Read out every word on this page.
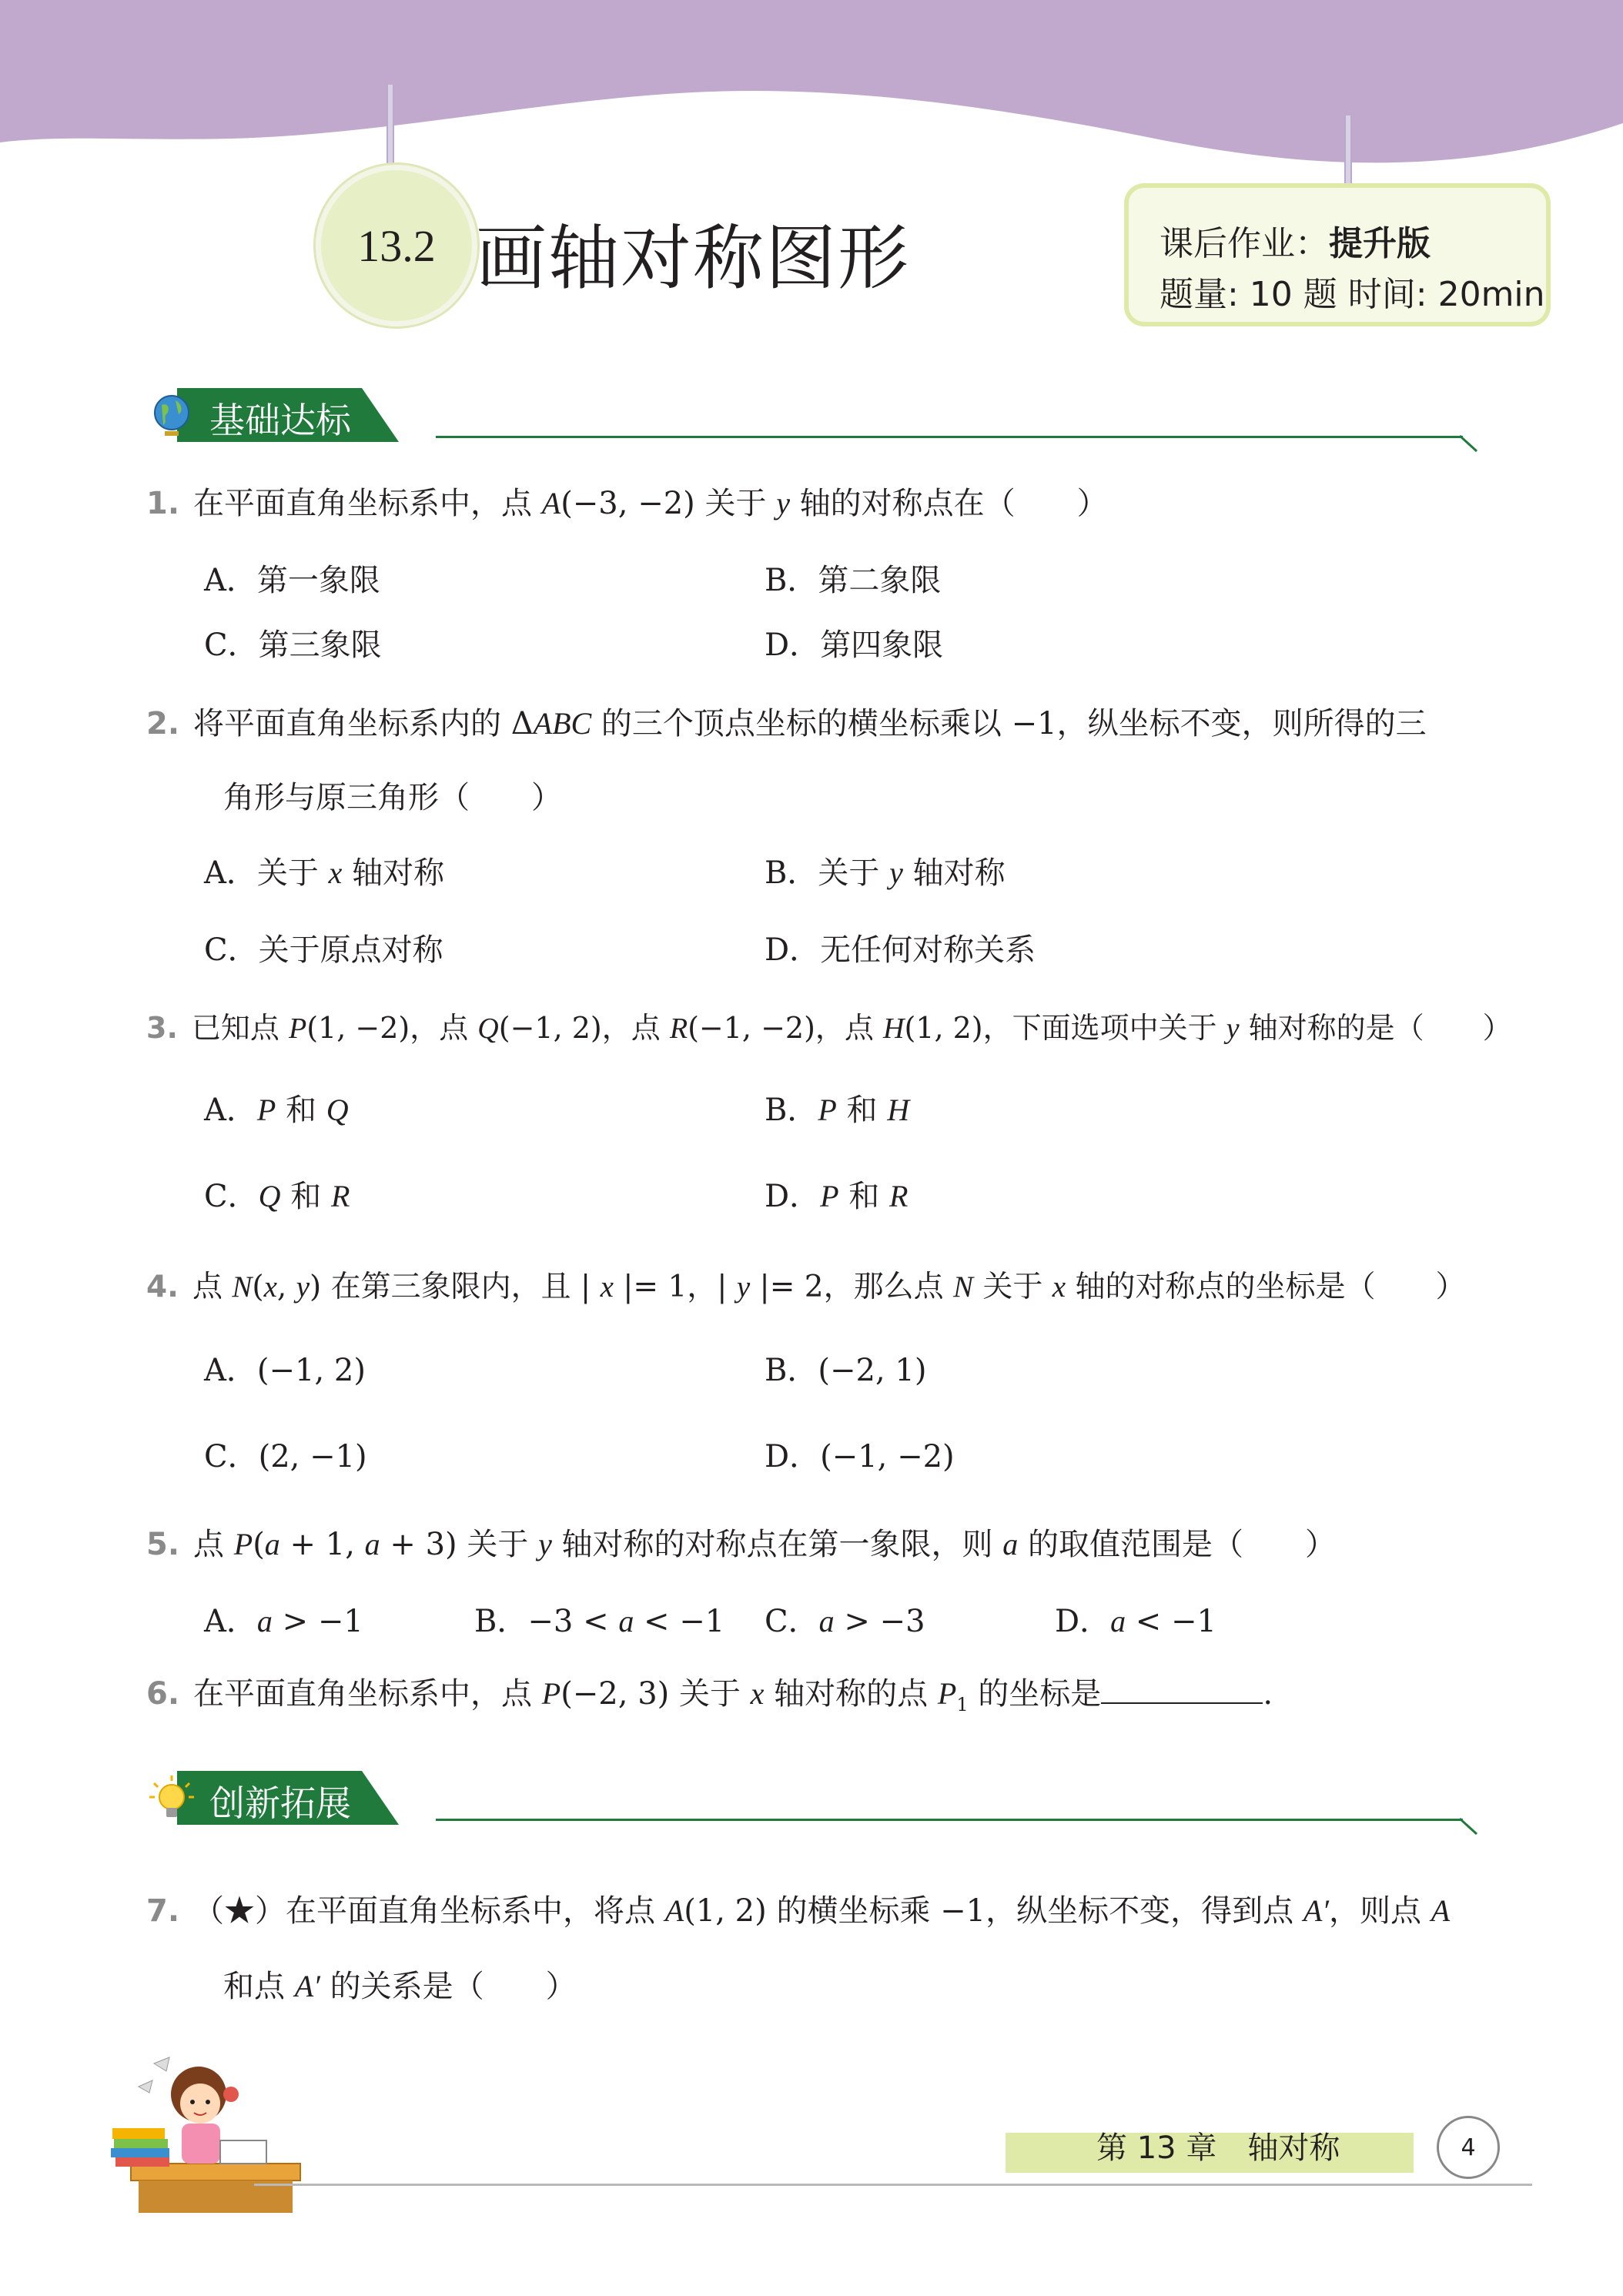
13.2 画轴对称图形	课后作业：提升版
题量: 10 题 时间: 20min
基础达标
1. 在平面直角坐标系中，点 A(−3, −2) 关于 y 轴的对称点在（　　）
A．第一象限	B．第二象限
C．第三象限	D．第四象限
2. 将平面直角坐标系内的 ΔABC 的三个顶点坐标的横坐标乘以 −1，纵坐标不变，则所得的三
角形与原三角形（　　）
A．关于 x 轴对称	B．关于 y 轴对称
C．关于原点对称	D．无任何对称关系
3. 已知点 P(1, −2)，点 Q(−1, 2)，点 R(−1, −2)，点 H(1, 2)，下面选项中关于 y 轴对称的是（　　）
A．P 和 Q	B．P 和 H
C．Q 和 R	D．P 和 R
4. 点 N(x, y) 在第三象限内，且 | x |= 1，| y |= 2，那么点 N 关于 x 轴的对称点的坐标是（　　）
A．(−1, 2)	B．(−2, 1)
C．(2, −1)	D．(−1, −2)
5. 点 P(a + 1, a + 3) 关于 y 轴对称的对称点在第一象限，则 a 的取值范围是（　　）
A．a > −1	B．−3 < a < −1 C．a > −3	D．a < −1
6. 在平面直角坐标系中，点 P(−2, 3) 关于 x 轴对称的点 $P_1$ 的坐标是	.
创新拓展
7. （★）在平面直角坐标系中，将点 A(1, 2) 的横坐标乘 −1，纵坐标不变，得到点 A′，则点 A
和点 A′ 的关系是（　　）
第 13 章　轴对称	4
